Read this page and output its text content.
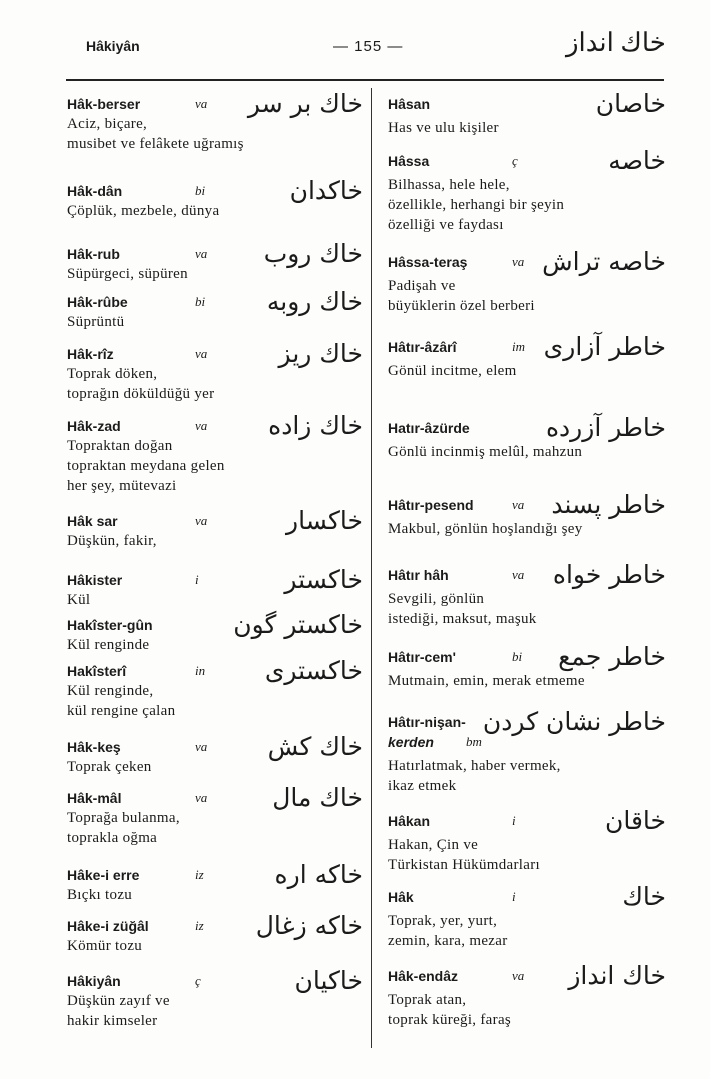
Hâkiyân	— 155 —	خاك انداز
Hâk-berser	va خاك بر سر
Aciz, biçare,
musibet ve felâkete uğramış
Hâk-dân	bi	خاكدان
Çöplük, mezbele, dünya
Hâk-rub	va خاك روب
Süpürgeci, süpüren
Hâk-rûbe	bi خاك روبه
Süprüntü
Hâk-rîz	va	خاك ريز
Toprak döken,
toprağın döküldüğü yer
Hâk-zad	va خاك زاده
Topraktan doğan
topraktan meydana gelen
her şey, mütevazi
Hâk sar	va	خاكسار
Düşkün, fakir,
Hâkister	i	خاكستر
Kül
Hakîster-gûn	خاكستر گون
Kül renginde
Hakîsterî	in خاكسترى
Kül renginde,
kül rengine çalan
Hâk-keş	va خاك كش
Toprak çeken
Hâk-mâl	va	خاك مال
Toprağa bulanma,
toprakla oğma
Hâke-i erre	iz	خاكه اره
Bıçkı tozu
Hâke-i züğâl	iz خاكه زغال
Kömür tozu
Hâkiyân	ç	خاكيان
Düşkün zayıf ve
hakir kimseler
Hâsan	خاصان
Has ve ulu kişiler
Hâssa	ç	خاصه
Bilhassa, hele hele,
özellikle, herhangi bir şeyin
özelliği ve faydası
Hâssa-teraş	va خاصه تراش
Padişah ve
büyüklerin özel berberi
Hâtır-âzârî	im خاطر آزارى
Gönül incitme, elem
Hatır-âzürde	خاطر آزرده
Gönlü incinmiş melûl, mahzun
Hâtır-pesend	va خاطر پسند
Makbul, gönlün hoşlandığı şey
Hâtır hâh	va خاطر خواه
Sevgili, gönlün
istediği, maksut, maşuk
Hâtır-cem'	bi خاطر جمع
Mutmain, emin, merak etmeme
Hâtır-nişan-
kerden bm
خاطر نشان كردن
Hatırlatmak, haber vermek,
ikaz etmek
Hâkan	i	خاقان
Hakan, Çin ve
Türkistan Hükümdarları
Hâk	i	خاك
Toprak, yer, yurt,
zemin, kara, mezar
Hâk-endâz	va خاك انداز
Toprak atan,
toprak küreği, faraş
